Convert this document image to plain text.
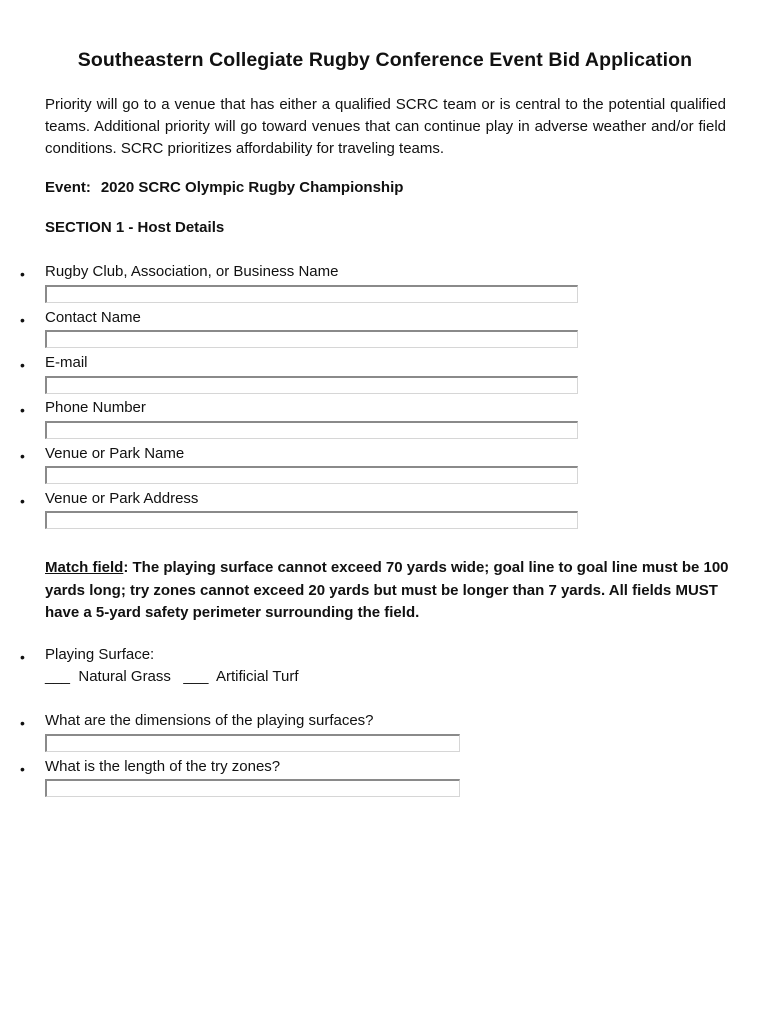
Southeastern Collegiate Rugby Conference Event Bid Application
Priority will go to a venue that has either a qualified SCRC team or is central to the potential qualified teams. Additional priority will go toward venues that can continue play in adverse weather and/or field conditions. SCRC prioritizes affordability for traveling teams.
Event: 2020 SCRC Olympic Rugby Championship
SECTION 1 - Host Details
• Rugby Club, Association, or Business Name
• Contact Name
• E-mail
• Phone Number
• Venue or Park Name
• Venue or Park Address
Match field: The playing surface cannot exceed 70 yards wide; goal line to goal line must be 100 yards long; try zones cannot exceed 20 yards but must be longer than 7 yards. All fields MUST have a 5-yard safety perimeter surrounding the field.
• Playing Surface:
___ Natural Grass ___ Artificial Turf
• What are the dimensions of the playing surfaces?
• What is the length of the try zones?
